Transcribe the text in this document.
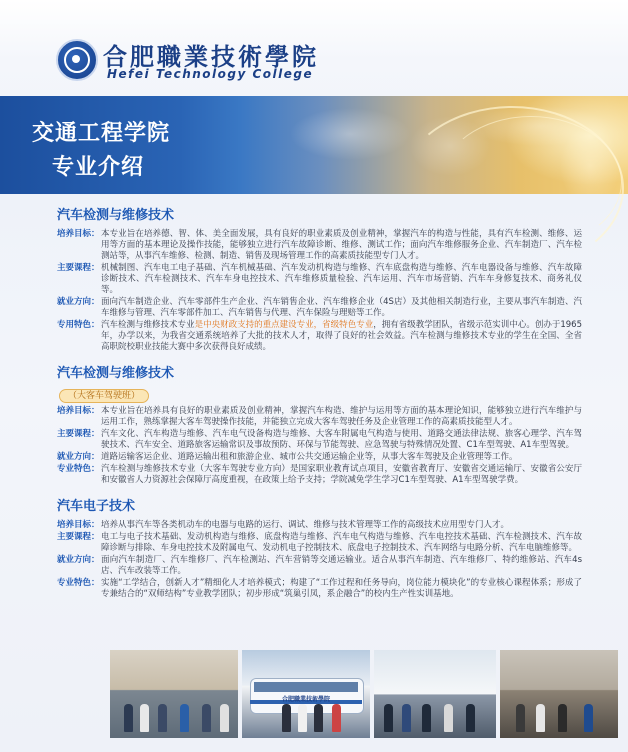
合肥職業技術學院
Hefei Technology College
交通工程学院
专业介绍
汽车检测与维修技术
培养目标： 本专业旨在培养德、智、体、美全面发展，具有良好的职业素质及创业精神，掌握汽车的构造与性能，具有汽车检测、维修、运用等方面的基本理论及操作技能，能够独立进行汽车故障诊断、维修、测试工作；面向汽车维修服务企业、汽车制造厂、汽车检测站等，从事汽车维修、检测、制造、销售及现场管理工作的高素质技能型专门人才。
主要课程： 机械制图、汽车电工电子基础、汽车机械基础、汽车发动机构造与维修、汽车底盘构造与维修、汽车电器设备与维修、汽车故障诊断技术、汽车检测技术、汽车车身电控技术、汽车维修质量检验、汽车运用、汽车市场营销、汽车车身修复技术、商务礼仪等。
就业方向： 面向汽车制造企业、汽车零部件生产企业、汽车销售企业、汽车维修企业（4S店）及其他相关制造行业，主要从事汽车制造、汽车维修与管理、汽车零部件加工、汽车销售与代理、汽车保险与理赔等工作。
专用特色： 汽车检测与维修技术专业是中央财政支持的重点建设专业，省级特色专业，拥有省级教学团队，省级示范实训中心。创办于1965年，办学以来，为我省交通系统培养了大批的技术人才，取得了良好的社会效益。汽车检测与维修技术专业的学生在全国、全省高职院校职业技能大赛中多次获得良好成绩。
汽车检测与维修技术
（大客车驾驶班）
培养目标： 本专业旨在培养具有良好的职业素质及创业精神，掌握汽车构造、维护与运用等方面的基本理论知识，能够独立进行汽车维护与运用工作，熟练掌握大客车驾驶操作技能，并能独立完成大客车驾驶任务及企业管理工作的高素质技能型人才。
主要课程： 汽车文化、汽车构造与维修、汽车电气设备构造与维修、大客车附属电气构造与使用、道路交通法律法规、旅客心理学、汽车驾驶技术、汽车安全、道路旅客运输常识及事故预防、环保与节能驾驶、应急驾驶与特殊情况处置、C1车型驾驶、A1车型驾驶。
就业方向： 道路运输客运企业、道路运输出租和旅游企业、城市公共交通运输企业等，从事大客车驾驶及企业管理等工作。
专业特色： 汽车检测与维修技术专业（大客车驾驶专业方向）是国家职业教育试点项目，安徽省教育厅、安徽省交通运输厅、安徽省公安厅和安徽省人力资源社会保障厅高度重视，在政策上给予支持；学院减免学生学习C1车型驾驶、A1车型驾驶学费。
汽车电子技术
培养目标： 培养从事汽车等各类机动车的电器与电路的运行、调试、维修与技术管理等工作的高级技术应用型专门人才。
主要课程： 电工与电子技术基础、发动机构造与维修、底盘构造与维修、汽车电气构造与维修、汽车电控技术基础、汽车检测技术、汽车故障诊断与排除、车身电控技术及附属电气、发动机电子控制技术、底盘电子控制技术、汽车网络与电路分析、汽车电脑维修等。
就业方向： 面向汽车制造厂、汽车维修厂、汽车检测站、汽车营销等交通运输业。适合从事汽车制造、汽车维修厂、特约维修站、汽车4s店、汽车改装等工作。
专业特色： 实施“工学结合，创新人才”精细化人才培养模式；构建了“工作过程和任务导向，岗位能力模块化”的专业核心课程体系；形成了专兼结合的“双师结构”专业教学团队；初步形成“筑巢引凤，系企融合”的校内生产性实训基地。
合肥職業技術學院
